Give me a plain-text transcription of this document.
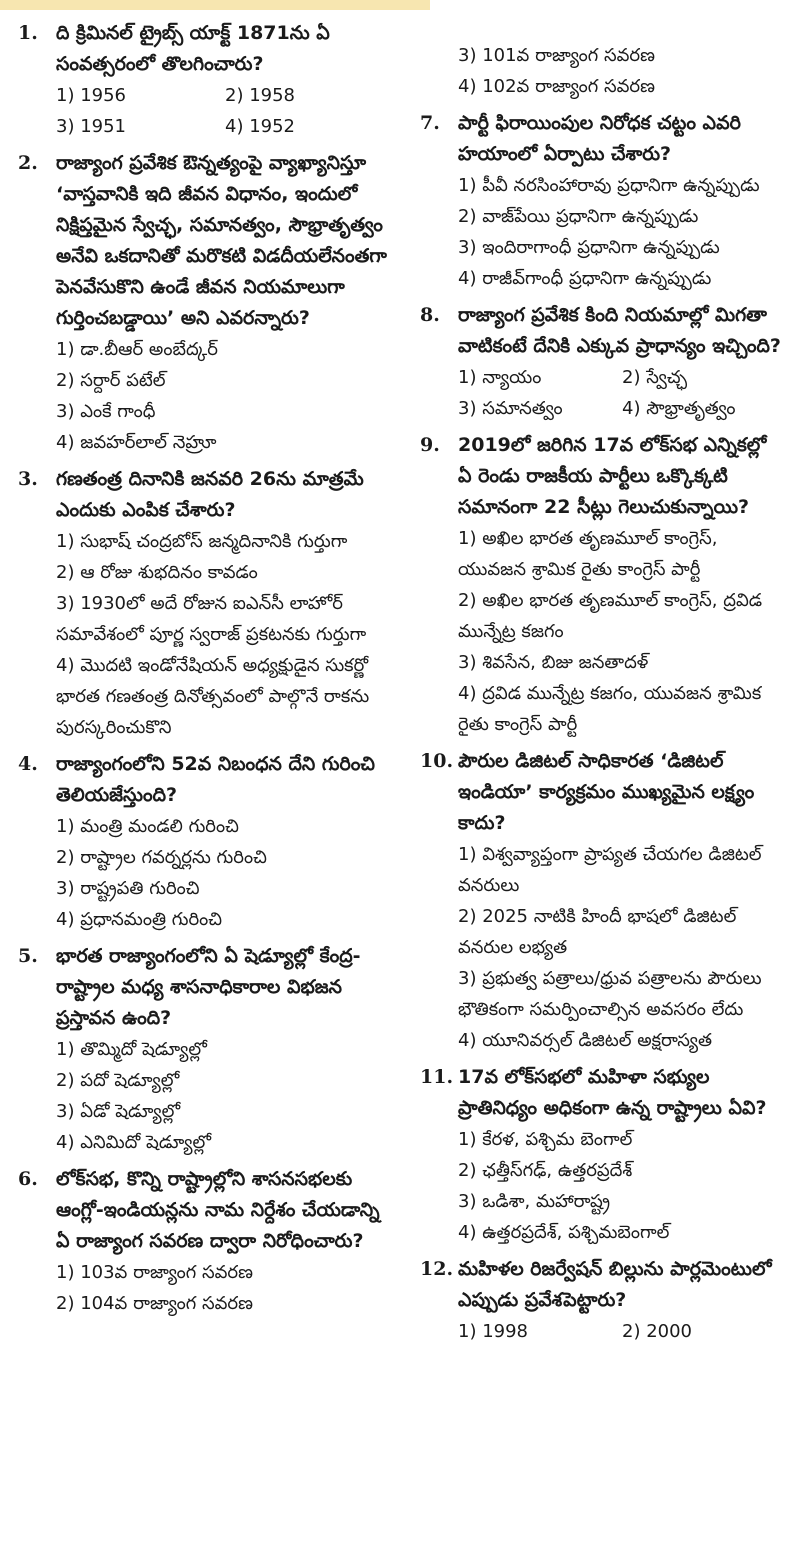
1. ది క్రిమినల్ ట్రైబ్స్ యాక్ట్ 1871ను ఏ సంవత్సరంలో తొలగించారు?
1) 1956	2) 1958
3) 1951	4) 1952
2. రాజ్యాంగ ప్రవేశిక ఔన్నత్యంపై వ్యాఖ్యానిస్తూ ‘వాస్తవానికి ఇది జీవన విధానం, ఇందులో నిక్షిప్తమైన స్వేచ్ఛ, సమానత్వం, సౌభ్రాతృత్వం అనేవి ఒకదానితో మరొకటి విడదీయలేనంతగా పెనవేసుకొని ఉండే జీవన నియమాలుగా గుర్తించబడ్డాయి’ అని ఎవరన్నారు?
1) డా.బీఆర్ అంబేద్కర్
2) సర్దార్ పటేల్
3) ఎంకే గాంధీ
4) జవహర్‌లాల్ నెహ్రూ
3. గణతంత్ర దినానికి జనవరి 26ను మాత్రమే ఎందుకు ఎంపిక చేశారు?
1) సుభాష్ చంద్రబోస్ జన్మదినానికి గుర్తుగా
2) ఆ రోజు శుభదినం కావడం
3) 1930లో అదే రోజున ఐఎన్‌సీ లాహోర్ సమావేశంలో పూర్ణ స్వరాజ్ ప్రకటనకు గుర్తుగా
4) మొదటి ఇండోనేషియన్ అధ్యక్షుడైన సుకర్ణో భారత గణతంత్ర దినోత్సవంలో పాల్గొనే రాకను పురస్కరించుకొని
4. రాజ్యాంగంలోని 52వ నిబంధన దేని గురించి తెలియజేస్తుంది?
1) మంత్రి మండలి గురించి
2) రాష్ట్రాల గవర్నర్లను గురించి
3) రాష్ట్రపతి గురించి
4) ప్రధానమంత్రి గురించి
5. భారత రాజ్యాంగంలోని ఏ షెడ్యూల్లో కేంద్ర-రాష్ట్రాల మధ్య శాసనాధికారాల విభజన ప్రస్తావన ఉంది?
1) తొమ్మిదో షెడ్యూల్లో
2) పదో షెడ్యూల్లో
3) ఏడో షెడ్యూల్లో
4) ఎనిమిదో షెడ్యూల్లో
6. లోక్‌సభ, కొన్ని రాష్ట్రాల్లోని శాసనసభలకు ఆంగ్లో-ఇండియన్లను నామ నిర్దేశం చేయడాన్ని ఏ రాజ్యాంగ సవరణ ద్వారా నిరోధించారు?
1) 103వ రాజ్యాంగ సవరణ
2) 104వ రాజ్యాంగ సవరణ
3) 101వ రాజ్యాంగ సవరణ
4) 102వ రాజ్యాంగ సవరణ
7. పార్టీ ఫిరాయింపుల నిరోధక చట్టం ఎవరి హయాంలో ఏర్పాటు చేశారు?
1) పీవీ నరసింహారావు ప్రధానిగా ఉన్నప్పుడు
2) వాజ్‌పేయి ప్రధానిగా ఉన్నప్పుడు
3) ఇందిరాగాంధీ ప్రధానిగా ఉన్నప్పుడు
4) రాజీవ్‌గాంధీ ప్రధానిగా ఉన్నప్పుడు
8. రాజ్యాంగ ప్రవేశిక కింది నియమాల్లో మిగతా వాటికంటే దేనికి ఎక్కువ ప్రాధాన్యం ఇచ్చింది?
1) న్యాయం	2) స్వేచ్ఛ
3) సమానత్వం	4) సౌభ్రాతృత్వం
9. 2019లో జరిగిన 17వ లోక్‌సభ ఎన్నికల్లో ఏ రెండు రాజకీయ పార్టీలు ఒక్కొక్కటి సమానంగా 22 సీట్లు గెలుచుకున్నాయి?
1) అఖిల భారత తృణమూల్ కాంగ్రెస్, యువజన శ్రామిక రైతు కాంగ్రెస్ పార్టీ
2) అఖిల భారత తృణమూల్ కాంగ్రెస్, ద్రవిడ మున్నేట్ర కజగం
3) శివసేన, బిజు జనతాదళ్
4) ద్రవిడ మున్నేట్ర కజగం, యువజన శ్రామిక రైతు కాంగ్రెస్ పార్టీ
10. పౌరుల డిజిటల్ సాధికారత ‘డిజిటల్ ఇండియా’ కార్యక్రమం ముఖ్యమైన లక్ష్యం కాదు?
1) విశ్వవ్యాప్తంగా ప్రాప్యత చేయగల డిజిటల్ వనరులు
2) 2025 నాటికి హిందీ భాషలో డిజిటల్ వనరుల లభ్యత
3) ప్రభుత్వ పత్రాలు/ధ్రువ పత్రాలను పౌరులు భౌతికంగా సమర్పించాల్సిన అవసరం లేదు
4) యూనివర్సల్ డిజిటల్ అక్షరాస్యత
11. 17వ లోక్‌సభలో మహిళా సభ్యుల ప్రాతినిధ్యం అధికంగా ఉన్న రాష్ట్రాలు ఏవి?
1) కేరళ, పశ్చిమ బెంగాల్
2) ఛత్తీస్‌గఢ్, ఉత్తరప్రదేశ్
3) ఒడిశా, మహారాష్ట్ర
4) ఉత్తరప్రదేశ్, పశ్చిమబెంగాల్
12. మహిళల రిజర్వేషన్ బిల్లును పార్లమెంటులో ఎప్పుడు ప్రవేశపెట్టారు?
1) 1998	2) 2000
